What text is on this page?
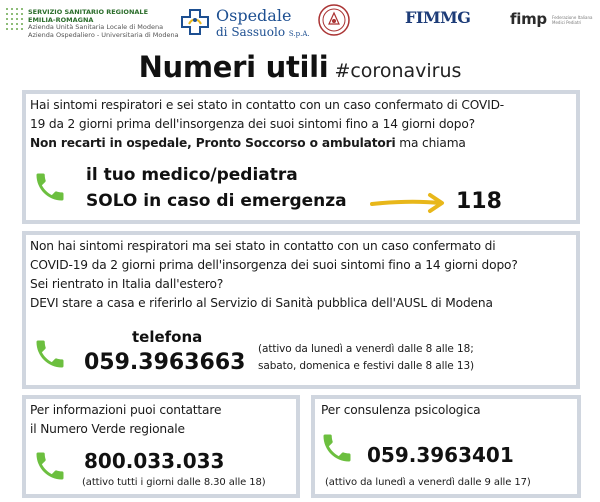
SERVIZIO SANITARIO REGIONALE
EMILIA-ROMAGNA
Azienda Unità Sanitaria Locale di Modena
Azienda Ospedaliero - Universitaria di Modena
Ospedale
di Sassuolo S.p.A.
FIMMG	fimp Federazione Italiana Medici Pediatri
Numeri utili #coronavirus
Hai sintomi respiratori e sei stato in contatto con un caso confermato di COVID-
19 da 2 giorni prima dell'insorgenza dei suoi sintomi fino a 14 giorni dopo?
Non recarti in ospedale, Pronto Soccorso o ambulatori ma chiama
il tuo medico/pediatra
SOLO in caso di emergenza	118
Non hai sintomi respiratori ma sei stato in contatto con un caso confermato di
COVID-19 da 2 giorni prima dell'insorgenza dei suoi sintomi fino a 14 giorni dopo?
Sei rientrato in Italia dall'estero?
DEVI stare a casa e riferirlo al Servizio di Sanità pubblica dell'AUSL di Modena
telefona
059.3963663
(attivo da lunedì a venerdì dalle 8 alle 18;
sabato, domenica e festivi dalle 8 alle 13)
Per informazioni puoi contattare
il Numero Verde regionale
800.033.033
(attivo tutti i giorni dalle 8.30 alle 18)
Per consulenza psicologica
059.3963401
(attivo da lunedì a venerdì dalle 9 alle 17)
